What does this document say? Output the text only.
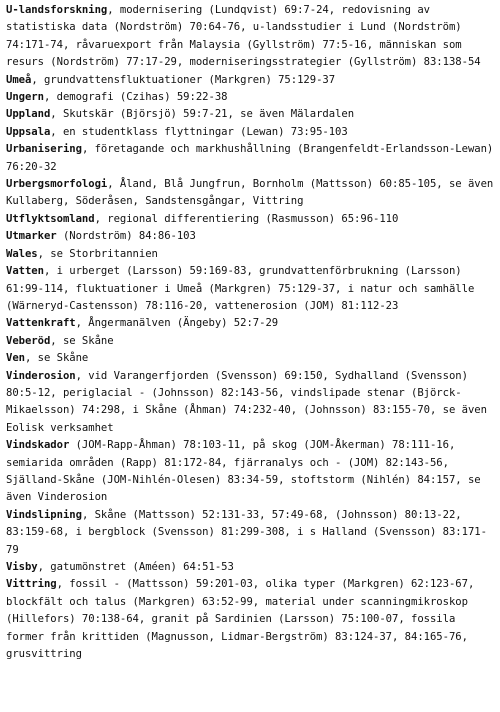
U-landsforskning, modernisering (Lundqvist) 69:7-24, redovisning av statistiska data (Nordström) 70:64-76, u-landsstudier i Lund (Nordström) 74:171-74, råvaruexport från Malaysia (Gyllström) 77:5-16, människan som resurs (Nordström) 77:17-29, moderniseringsstrategier (Gyllström) 83:138-54

Umeå, grundvattensfluktuationer (Markgren) 75:129-37

Ungern, demografi (Czihas) 59:22-38

Uppland, Skutskär (Björsjö) 59:7-21, se även Mälardalen

Uppsala, en studentklass flyttningar (Lewan) 73:95-103

Urbanisering, företagande och markhushållning (Brangenfeldt-Erlandsson-Lewan) 76:20-32

Urbergsmorfologi, Åland, Blå Jungfrun, Bornholm (Mattsson) 60:85-105, se även Kullaberg, Söderåsen, Sandstensgångar, Vittring

Utflyktsomland, regional differentiering (Rasmusson) 65:96-110

Utmarker (Nordström) 84:86-103

Wales, se Storbritannien

Vatten, i urberget (Larsson) 59:169-83, grundvattenförbrukning (Larsson) 61:99-114, fluktuationer i Umeå (Markgren) 75:129-37, i natur och samhälle (Wärneryd-Castensson) 78:116-20, vattenerosion (JOM) 81:112-23

Vattenkraft, Ångermanälven (Ängeby) 52:7-29

Veberöd, se Skåne

Ven, se Skåne

Vinderosion, vid Varangerfjorden (Svensson) 69:150, Sydhalland (Svensson) 80:5-12, periglacial - (Johnsson) 82:143-56, vindslipade stenar (Björck-Mikaelsson) 74:298, i Skåne (Åhman) 74:232-40, (Johnsson) 83:155-70, se även Eolisk verksamhet

Vindskador (JOM-Rapp-Åhman) 78:103-11, på skog (JOM-Åkerman) 78:111-16, semiarida områden (Rapp) 81:172-84, fjärranalys och - (JOM) 82:143-56, Själland-Skåne (JOM-Nihlén-Olesen) 83:34-59, stoftstorm (Nihlén) 84:157, se även Vinderosion

Vindslipning, Skåne (Mattsson) 52:131-33, 57:49-68, (Johnsson) 80:13-22, 83:159-68, i bergblock (Svensson) 81:299-308, i s Halland (Svensson) 83:171-79

Visby, gatumönstret (Améen) 64:51-53

Vittring, fossil - (Mattsson) 59:201-03, olika typer (Markgren) 62:123-67, blockfält och talus (Markgren) 63:52-99, material under scanningmikroskop (Hillefors) 70:138-64, granit på Sardinien (Larsson) 75:100-07, fossila former från krittiden (Magnusson, Lidmar-Bergström) 83:124-37, 84:165-76, grusvittring
